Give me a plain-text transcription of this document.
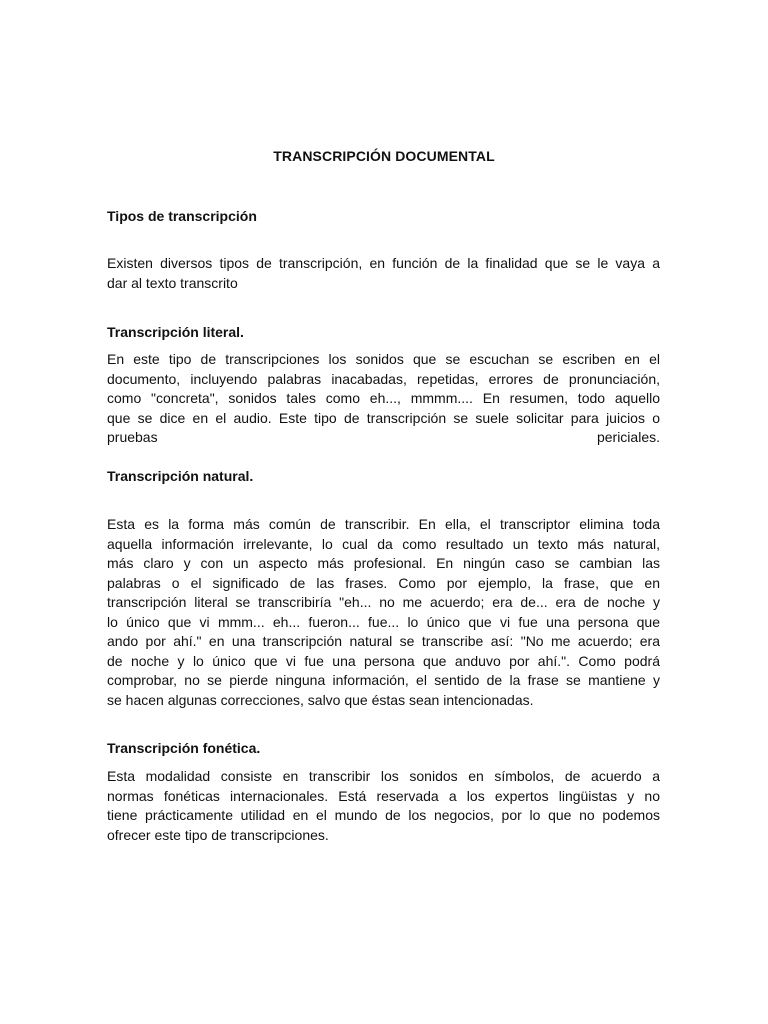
TRANSCRIPCIÓN DOCUMENTAL
Tipos de transcripción
Existen diversos tipos de transcripción, en función de la finalidad que se le vaya a
dar al texto transcrito
Transcripción literal.
En este tipo de transcripciones los sonidos que se escuchan se escriben en el
documento, incluyendo palabras inacabadas, repetidas, errores de pronunciación,
como "concreta", sonidos tales como eh..., mmmm.... En resumen, todo aquello
que se dice en el audio. Este tipo de transcripción se suele solicitar para juicios o
pruebas periciales.
Transcripción natural.
Esta es la forma más común de transcribir. En ella, el transcriptor elimina toda
aquella información irrelevante, lo cual da como resultado un texto más natural,
más claro y con un aspecto más profesional. En ningún caso se cambian las
palabras o el significado de las frases. Como por ejemplo, la frase, que en
transcripción literal se transcribiría "eh... no me acuerdo; era de... era de noche y
lo único que vi mmm... eh... fueron... fue... lo único que vi fue una persona que
ando por ahí." en una transcripción natural se transcribe así: "No me acuerdo; era
de noche y lo único que vi fue una persona que anduvo por ahí.". Como podrá
comprobar, no se pierde ninguna información, el sentido de la frase se mantiene y
se hacen algunas correcciones, salvo que éstas sean intencionadas.
Transcripción fonética.
Esta modalidad consiste en transcribir los sonidos en símbolos, de acuerdo a
normas fonéticas internacionales. Está reservada a los expertos lingüistas y no
tiene prácticamente utilidad en el mundo de los negocios, por lo que no podemos
ofrecer este tipo de transcripciones.
